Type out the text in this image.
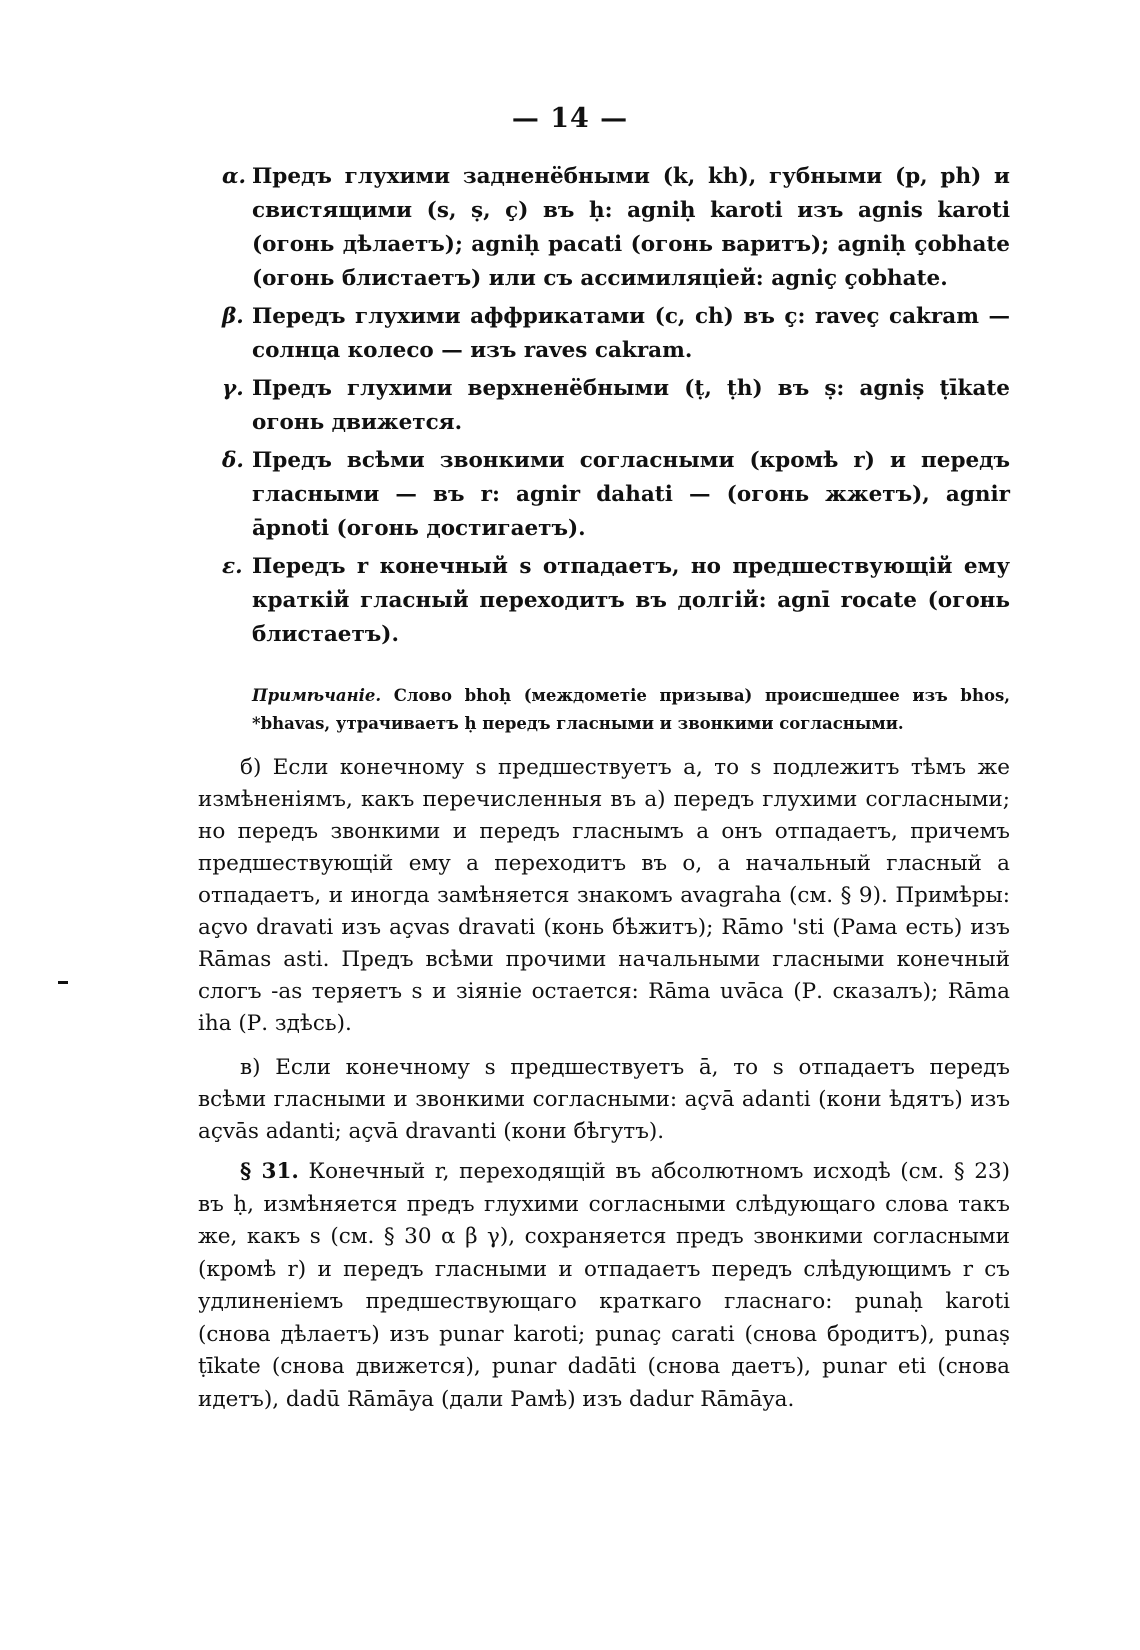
— 14 —
α. Предъ глухими задненёбными (k, kh), губными (p, ph) и свистящими (s, ṣ, ç) въ ḥ: agniḥ karoti изъ agnis karoti (огонь дѣлаетъ); agniḥ pacati (огонь варитъ); agniḥ çobhate (огонь блистаетъ) или съ ассимиляціей: agniç çobhate.
β. Передъ глухими аффрикатами (c, ch) въ ç: raveç cakram — солнца колесо — изъ raves cakram.
γ. Предъ глухими верхненёбными (ṭ, ṭh) въ ṣ: agniṣ ṭīkate огонь движется.
δ. Предъ всѣми звонкими согласными (кромѣ r) и передъ гласными — въ r: agnir dahati — (огонь жжетъ), agnir āpnoti (огонь достигаетъ).
ε. Передъ r конечный s отпадаетъ, но предшествующій ему краткій гласный переходитъ въ долгій: agnī rocate (огонь блистаетъ).
Примѣчаніе. Слово bhoḥ (междометіе призыва) происшедшее изъ bhos, *bhavas, утрачиваетъ ḥ передъ гласными и звонкими согласными.
б) Если конечному s предшествуетъ a, то s подлежитъ тѣмъ же измѣненіямъ, какъ перечисленныя въ а) передъ глухими согласными; но передъ звонкими и передъ гласнымъ a онъ отпадаетъ, причемъ предшествующій ему a переходитъ въ o, а начальный гласный a отпадаетъ, и иногда замѣняется знакомъ avagraha (см. § 9). Примѣры: açvo dravati изъ açvas dravati (конь бѣжитъ); Rāmo 'sti (Рама есть) изъ Rāmas asti. Предъ всѣми прочими начальными гласными конечный слогъ -as теряетъ s и зіяніе остается: Rāma uvāca (Р. сказалъ); Rāma iha (Р. здѣсь).
в) Если конечному s предшествуетъ ā, то s отпадаетъ передъ всѣми гласными и звонкими согласными: açvā adanti (кони ѣдятъ) изъ açvās adanti; açvā dravanti (кони бѣгутъ).
§ 31. Конечный r, переходящій въ абсолютномъ исходѣ (см. § 23) въ ḥ, измѣняется предъ глухими согласными слѣдующаго слова такъ же, какъ s (см. § 30 α β γ), сохраняется предъ звонкими согласными (кромѣ r) и передъ гласными и отпадаетъ передъ слѣдующимъ r съ удлиненіемъ предшествующаго краткаго гласнаго: punaḥ karoti (снова дѣлаетъ) изъ punar karoti; punaç carati (снова бродитъ), punaṣ ṭīkate (снова движется), punar dadāti (снова даетъ), punar eti (снова идетъ), dadū Rāmāya (дали Рамѣ) изъ dadur Rāmāya.
